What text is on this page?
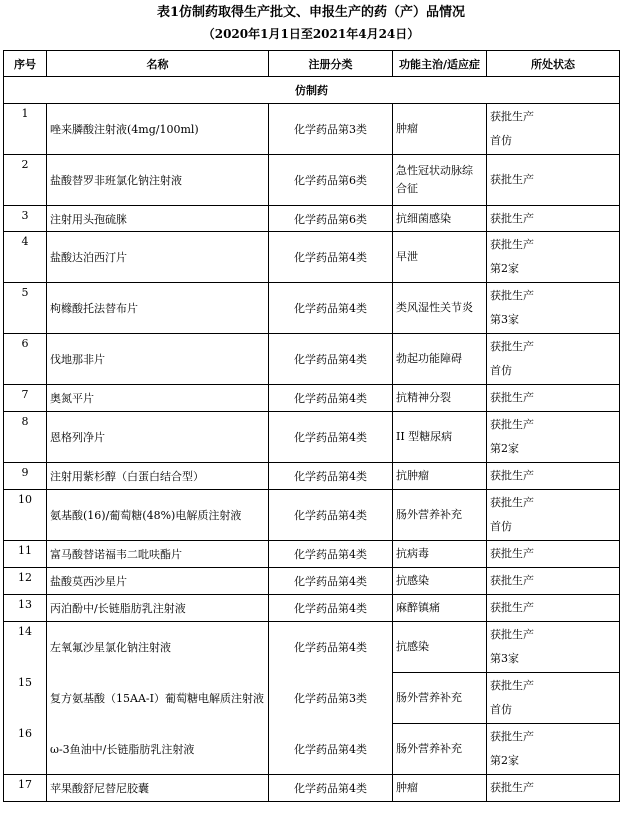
表1仿制药取得生产批文、申报生产的药（产）品情况
（2020年1月1日至2021年4月24日）
序号	名称	注册分类	功能主治/适应症	所处状态
仿制药				
1	唑来膦酸注射液(4mg/100ml)	化学药品第3类	肿瘤	获批生产
首仿

2	盐酸替罗非班氯化钠注射液	化学药品第6类	急性冠状动脉综合征	获批生产

3	注射用头孢硫脒	化学药品第6类	抗细菌感染	获批生产

4	盐酸达泊西汀片	化学药品第4类	早泄	获批生产
第2家

5	枸橼酸托法替布片	化学药品第4类	类风湿性关节炎	获批生产
第3家

6	伐地那非片	化学药品第4类	勃起功能障碍	获批生产
首仿

7	奥氮平片	化学药品第4类	抗精神分裂	获批生产

8	恩格列净片	化学药品第4类	II 型糖尿病	获批生产
第2家

9	注射用紫杉醇（白蛋白结合型）	化学药品第4类	抗肿瘤	获批生产

10	氨基酸(16)/葡萄糖(48%)电解质注射液	化学药品第4类	肠外营养补充	获批生产
首仿

11	富马酸替诺福韦二吡呋酯片	化学药品第4类	抗病毒	获批生产

12	盐酸莫西沙星片	化学药品第4类	抗感染	获批生产

13	丙泊酚中/长链脂肪乳注射液	化学药品第4类	麻醉镇痛	获批生产

14	左氧氟沙星氯化钠注射液	化学药品第4类	抗感染	获批生产
第3家

15	复方氨基酸（15AA-I）葡萄糖电解质注射液	化学药品第3类	肠外营养补充	获批生产
首仿

16	ω-3鱼油中/长链脂肪乳注射液	化学药品第4类	肠外营养补充	获批生产
第2家

17	苹果酸舒尼替尼胶囊	化学药品第4类	肿瘤	获批生产
